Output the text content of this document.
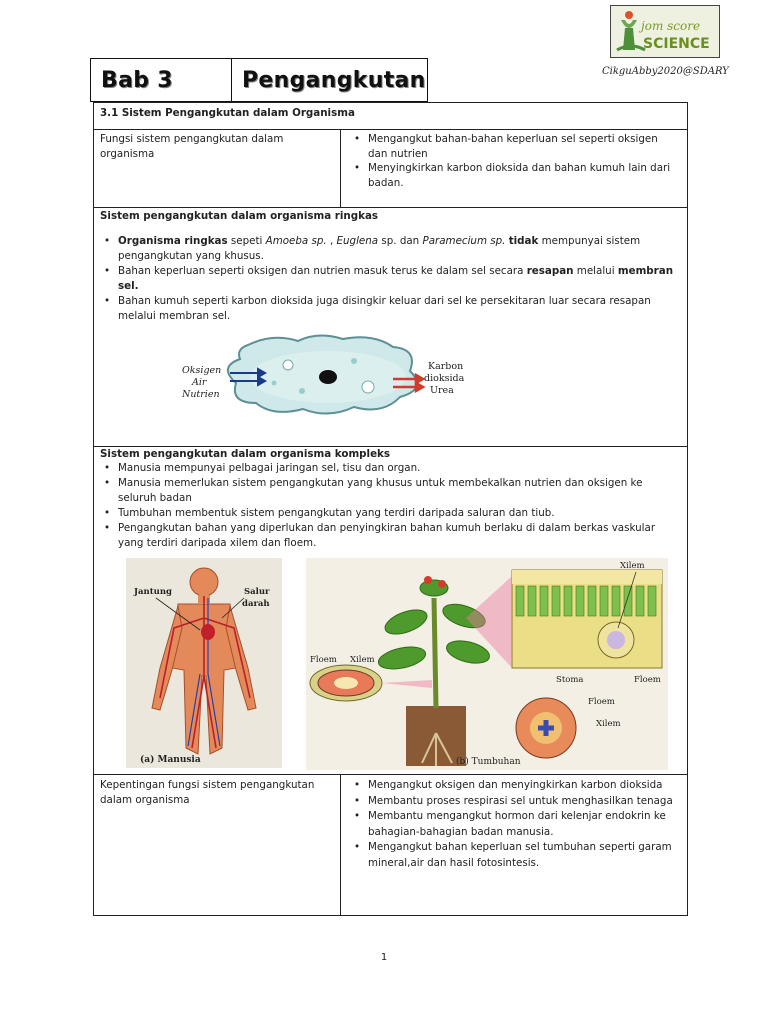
jom score
SCIENCE
CikguAbby2020@SDARY
Bab 3	Pengangkutan
3.1 Sistem Pengangkutan dalam Organisma
Fungsi sistem pengangkutan dalam organisma
• Mengangkut bahan-bahan keperluan sel seperti oksigen dan nutrien
• Menyingkirkan karbon dioksida dan bahan kumuh lain dari badan.
Sistem pengangkutan dalam organisma ringkas
• Organisma ringkas sepeti Amoeba sp. , Euglena sp. dan Paramecium sp. tidak mempunyai sistem pengangkutan yang khusus.
• Bahan keperluan seperti oksigen dan nutrien masuk terus ke dalam sel secara resapan melalui membran sel.
• Bahan kumuh seperti karbon dioksida juga disingkir keluar dari sel ke persekitaran luar secara resapan melalui membran sel.
Oksigen
Air
Nutrien
Karbon
dioksida
Urea
Sistem pengangkutan dalam organisma kompleks
• Manusia mempunyai pelbagai jaringan sel, tisu dan organ.
• Manusia memerlukan sistem pengangkutan yang khusus untuk membekalkan nutrien dan oksigen ke seluruh badan
• Tumbuhan membentuk sistem pengangkutan yang terdiri daripada saluran dan tiub.
• Pengangkutan bahan yang diperlukan dan penyingkiran bahan kumuh berlaku di dalam berkas vaskular yang terdiri daripada xilem dan floem.
Jantung	Salur
darah
(a) Manusia
Xilem
Stoma	Floem
Floem Xilem
Floem
Xilem
(b) Tumbuhan
Kepentingan fungsi sistem pengangkutan dalam organisma
• Mengangkut oksigen dan menyingkirkan karbon dioksida
• Membantu proses respirasi sel untuk menghasilkan tenaga
• Membantu mengangkut hormon dari kelenjar endokrin ke bahagian-bahagian badan manusia.
• Mengangkut bahan keperluan sel tumbuhan seperti garam mineral,air dan hasil fotosintesis.
1
